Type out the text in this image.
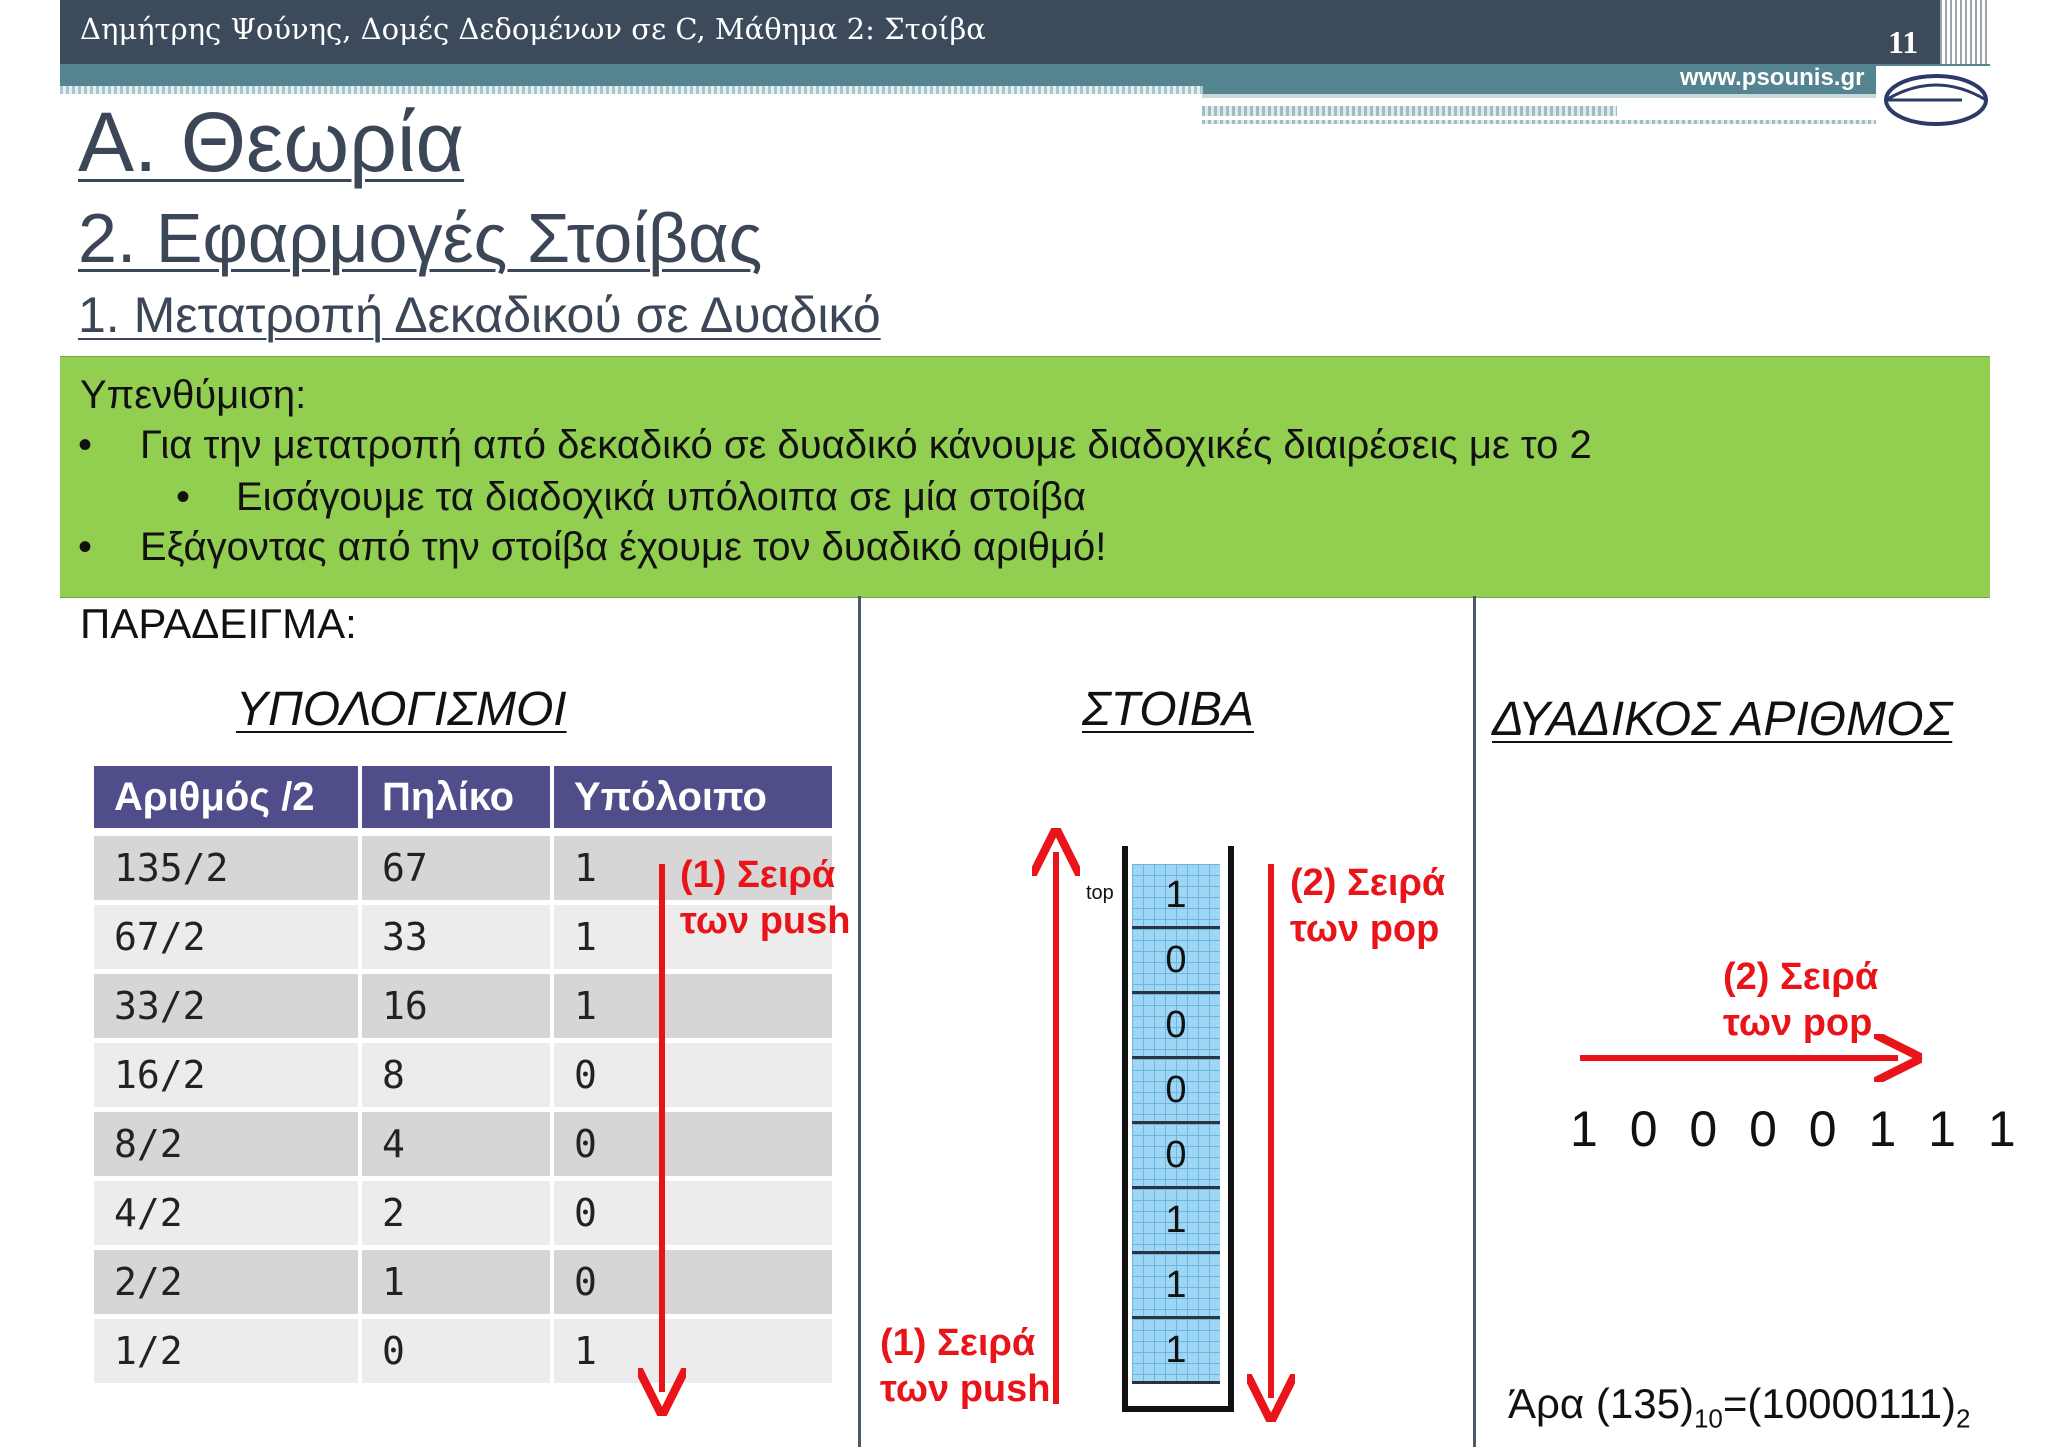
Δημήτρης Ψούνης, Δομές Δεδομένων σε C, Μάθημα 2: Στοίβα	11
www.psounis.gr
Α. Θεωρία
2. Εφαρμογές Στοίβας
1. Μετατροπή Δεκαδικού σε Δυαδικό
Υπενθύμιση:
• Για την μετατροπή από δεκαδικό σε δυαδικό κάνουμε διαδοχικές διαιρέσεις με το 2
• Εισάγουμε τα διαδοχικά υπόλοιπα σε μία στοίβα
• Εξάγοντας από την στοίβα έχουμε τον δυαδικό αριθμό!
ΠΑΡΑΔΕΙΓΜΑ:
ΥΠΟΛΟΓΙΣΜΟΙ	ΣΤΟΙΒΑ	ΔΥΑΔΙΚΟΣ ΑΡΙΘΜΟΣ
Αριθμός /2	Πηλίκο	Υπόλοιπο
135/2	67	1
67/2	33	1
33/2	16	1
16/2	8	0
8/2	4	0
4/2	2	0
2/2	1	0
1/2	0	1
(1) Σειρά
των push
(2) Σειρά
των pop
(1) Σειρά
των push
(2) Σειρά
των pop
top	1
0
0
0
0
1
1
1
1 0 0 0 0 1 1 1
Άρα $(135)_{10}=(10000111)_2$
